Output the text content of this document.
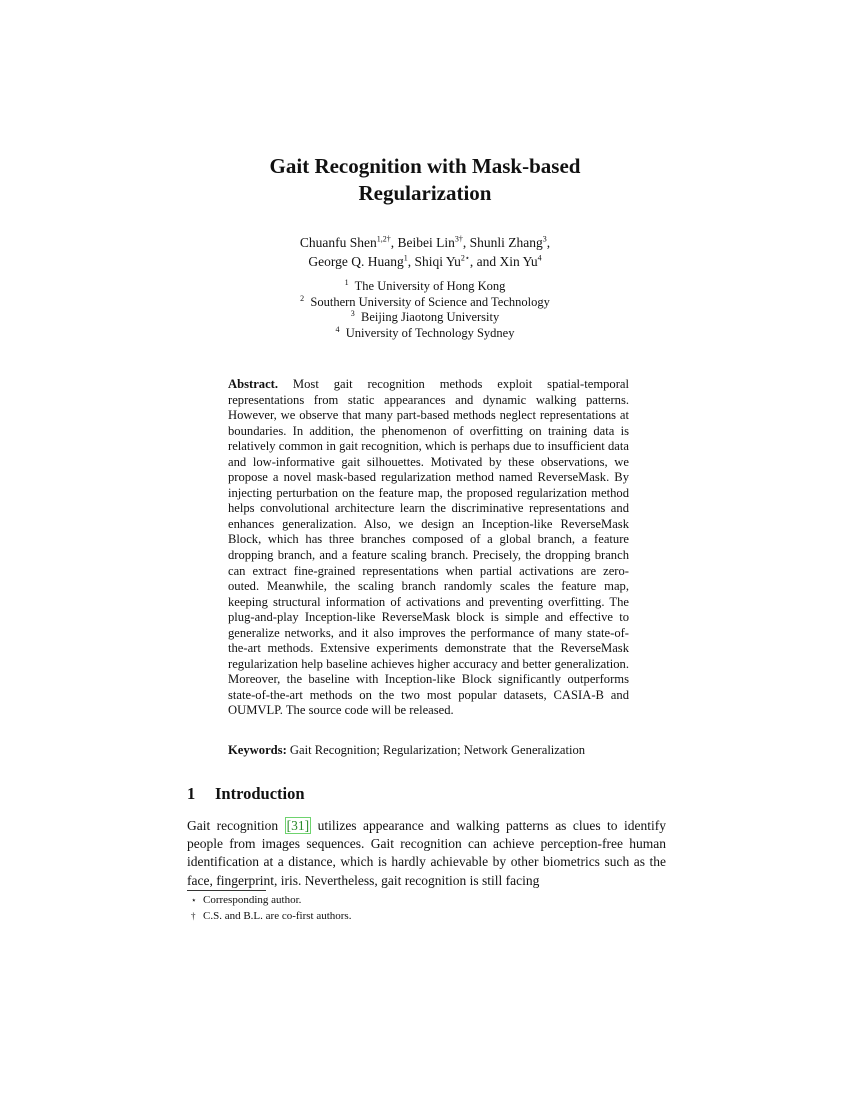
Gait Recognition with Mask-based
Regularization
Chuanfu Shen$^{1,2\dagger}$, Beibei Lin$^{3\dagger}$, Shunli Zhang$^3$,
George Q. Huang$^1$, Shiqi $Yu^{2⋆}$, and Xin Yu$^4$
$^1$ The University of Hong Kong
$^2$ Southern University of Science and Technology
$^3$ Beijing Jiaotong University
$^4$ University of Technology Sydney

Abstract. Most gait recognition methods exploit spatial-temporal representations from static appearances and dynamic walking patterns. However, we observe that many part-based methods neglect representations at boundaries. In addition, the phenomenon of overfitting on training data is relatively common in gait recognition, which is perhaps due to insufficient data and low-informative gait silhouettes. Motivated by these observations, we propose a novel mask-based regularization method named ReverseMask. By injecting perturbation on the feature map, the proposed regularization method helps convolutional architecture learn the discriminative representations and enhances generalization. Also, we design an Inception-like ReverseMask Block, which has three branches composed of a global branch, a feature dropping branch, and a feature scaling branch. Precisely, the dropping branch can extract fine-grained representations when partial activations are zero-outed. Meanwhile, the scaling branch randomly scales the feature map, keeping structural information of activations and preventing overfitting. The plug-and-play Inception-like ReverseMask block is simple and effective to generalize networks, and it also improves the performance of many state-of-the-art methods. Extensive experiments demonstrate that the ReverseMask regularization help baseline achieves higher accuracy and better generalization. Moreover, the baseline with Inception-like Block significantly outperforms state-of-the-art methods on the two most popular datasets, CASIA-B and OUMVLP. The source code will be released.

Keywords: Gait Recognition; Regularization; Network Generalization

1 Introduction

Gait recognition [31] utilizes appearance and walking patterns as clues to identify people from images sequences. Gait recognition can achieve perception-free human identification at a distance, which is hardly achievable by other biometrics such as the face, fingerprint, iris. Nevertheless, gait recognition is still facing

⋆ Corresponding author.
† C.S. and B.L. are co-first authors.
